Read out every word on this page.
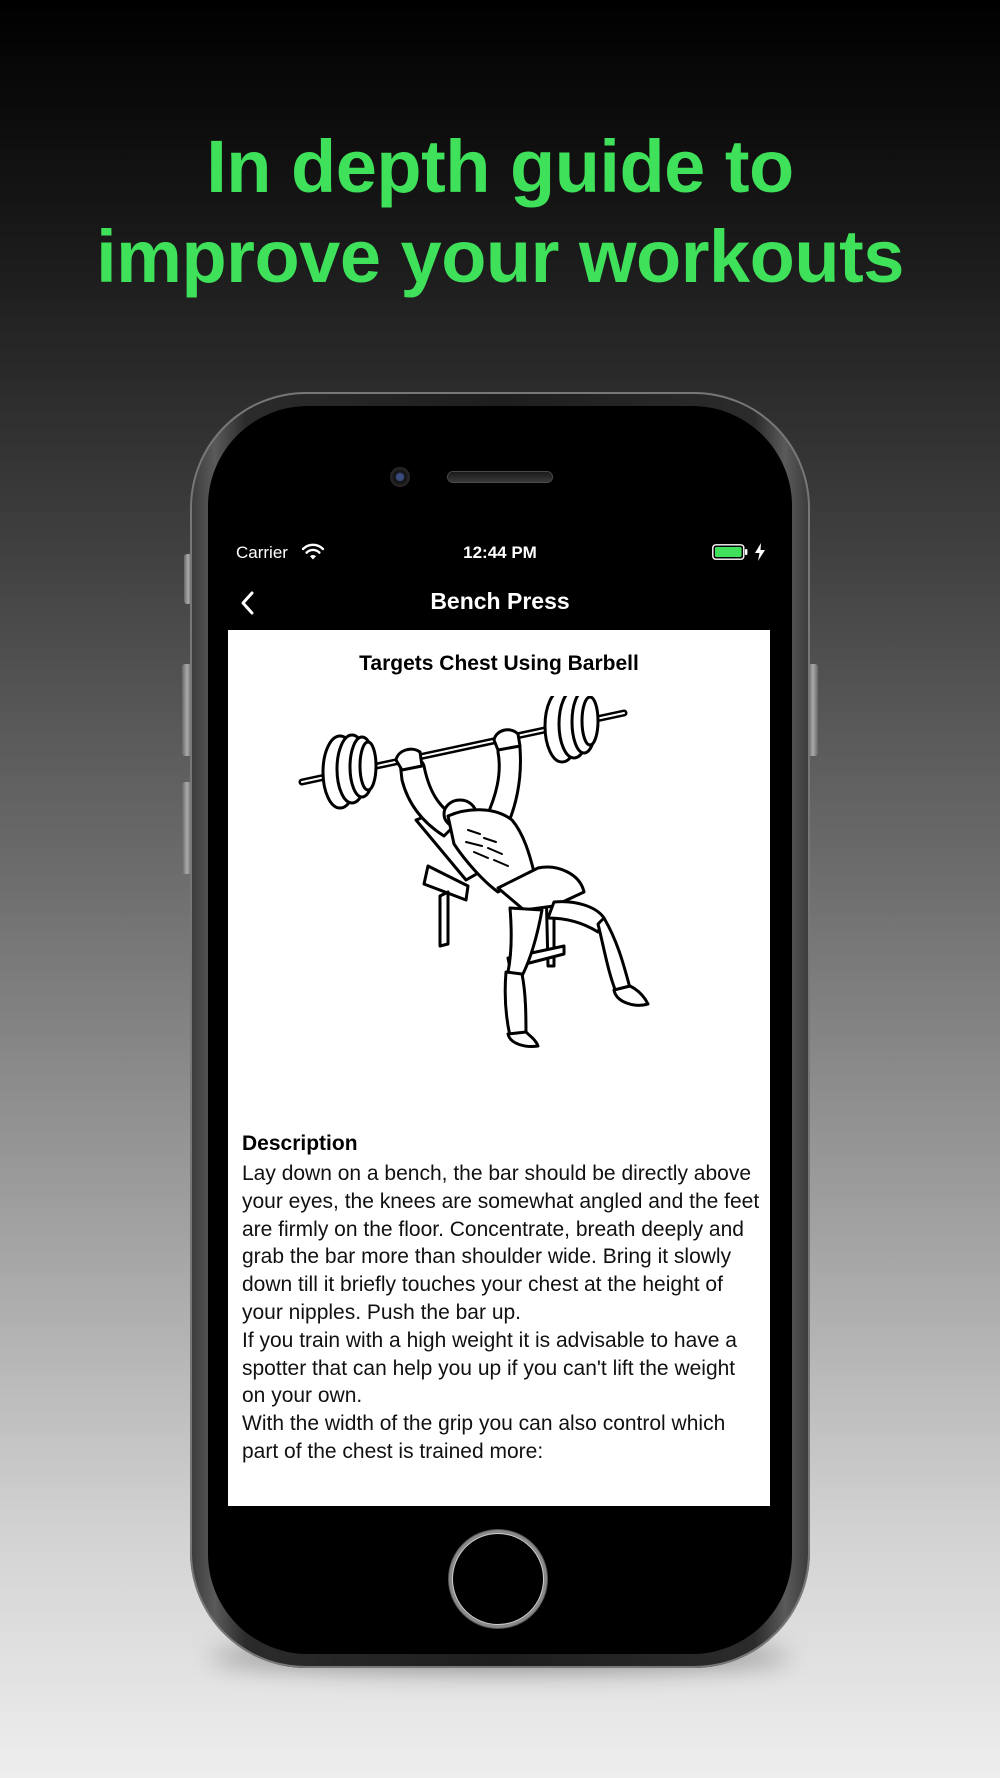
In depth guide to
improve your workouts
Carrier	12:44 PM
Bench Press
Targets Chest Using Barbell
Description
Lay down on a bench, the bar should be directly above your eyes, the knees are somewhat angled and the feet are firmly on the floor. Concentrate, breath deeply and grab the bar more than shoulder wide. Bring it slowly down till it briefly touches your chest at the height of your nipples. Push the bar up.
If you train with a high weight it is advisable to have a spotter that can help you up if you can't lift the weight on your own.
With the width of the grip you can also control which part of the chest is trained more:
